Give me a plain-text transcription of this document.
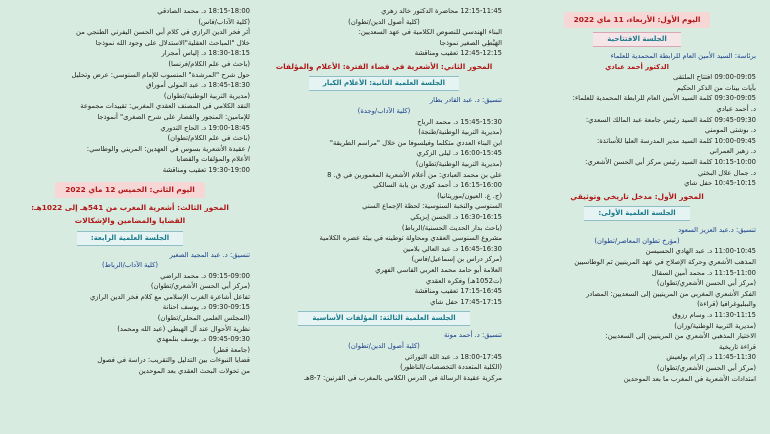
اليوم الأول: الأربعاء، 11 ماي 2022
الجلسة الافتتاحية
برئاسة: السيد الأمين العام للرابطة المحمدية للعلماء
الدكتور أحمد عبادي
09:00-09:05 افتتاح الملتقى
بآيات بينات من الذكر الحكيم
09:30-09:05 كلمة السيد الأمين العام للرابطة المحمدية للعلماء:
د. أحمد عبادي
09:45-09:30 كلمة السيد رئيس جامعة عبد المالك السعدي:
د. بوشتى المومني
10:00-09:45 كلمة السيد مدير المدرسة العليا للأساتذة:
د. زهير العمراني
10:15-10:00 كلمة السيد رئيس مركز أبي الحسن الأشعري:
د. جمال علال البختي
10:45-10:15 حفل شاي
المحور الأول: مدخل تاريخي وتوثيقي
الجلسة العلمية الأولى:
تنسيق: د.عبد العزيز السعود
(مؤرخ تطوان المعاصر/تطوان)
11:00-10:45 د. عبد الهادي الحسيسن
المذهب الأشعري وحركة الإصلاح في عهد المرينيين ثم الوطاسيين
11:15-11:00 د. محمد أمين السقال
(مركز أبي الحسن الأشعري/تطوان)
الفكر الأشعري المغربي من المرينيين إلى السعديين: المصادر
والببليوغرافيا (قراءة)
11:30-11:15 د. وسام رزوق
(مديرية التربية الوطنية/وزان)
الاختيار المذهبي الأشعري من المرينيين إلى السعديين:
قراءة تاريخية
11:45-11:30 د. إكرام بولعيش
(مركز أبي الحسن الأشعري/تطوان)
امتدادات الأشعرية في المغرب ما بعد الموحدين
12:15-11:45 محاضرة الدكتور خالد زهري
(كلية أصول الدين/تطوان)
البناء الهندسي للنصوص الكلامية في عهد السعديين:
الهَبْطِي الصغير نموذجا
12:45-12:15 تعقيب ومناقشة
المحور الثاني: الأشعرية في فضاء الفترة: الأعلام والمؤلفات
الجلسة العلمية الثانية: الأعلام الكبار
تنسيق: د. عبد القادر بطار
(كلية الآداب/وجدة)
15:45-15:30 د. محمد الرباح
(مديرية التربية الوطنية/طنجة)
ابن البناء العددي متكلما وفيلسوفا من خلال "مراسم الطريقة"
16:00-15:45 د. ليلى الزكري
(مديرية التربية الوطنية/تطوان)
علي بن محمد العبادي: من أعلام الأشعرية المغمورين في ق. 8
16:15-16:00 د. أحمد كوري بن يابة السالكي
(ج. ع. العيون/موريتانيا)
السنوسي والنخبة السنوسية: لحظة الإجماع السني
16:30-16:15 د. الحسن إبزيكي
(باحث بدار الحديث الحسنية/الرباط)
مشروع السنوسي العقدي ومحاولة توطينه في بيئة عصره الكلامية
16:45-16:30 د. عبد العالي بلامين
(مركز دراس بن إسماعيل/فاس)
العلامة أبو حامد محمد العربي الفاسي الفهري
(ت1052هـ) وفكره العقدي
17:15-16:45 تعقيب ومناقشة
17:45-17:15 حفل شاي
الجلسة العلمية الثالثة: المؤلفات الأساسية
تنسيق: د. أحمد مونة
(كلية أصول الدين/تطوان)
18:00-17:45 د. عبد الله التوراتي
(الكلية المتعددة التخصصات/الناظور)
مركزية عقيدة الرسالة في الدرس الكلامي بالمغرب في القرنين: 7-8هـ
18:15-18:00 د. محمد الصادقي
(كلية الآداب/فاس)
أثر فخر الدين الرازي في كلام أبي الحسن اليفرني الطنجي من
خلال "المباحث العقلية"الاستدلال على وجود الله نموذجا
18:30-18:15 د. إلياس أمجرار
(باحث في علم الكلام/فرنسا)
حول شرح "المرشدة" المنسوب للإمام السنوسي: عرض وتحليل
18:45-18:30 د. عبد المولى أموراق
(مديرية التربية الوطنية/تطوان)
النقد الكلامي في المصنف العقدي المغربي: تقييدات مجموعة
للإمامين: المنجور والقصار على شرح الصغرى" أنموذجا
19:00-18:45 د. الحاج التدوري
(باحث في علم الكلام/تطوان)
/ عقيدة الأشعرية بسوس في العهدين: المريني والوطاسي:
الأعلام والمؤلفات والقضايا
19:30-19:00 تعقيب ومناقشة
اليوم الثاني: الخميس 12 ماي 2022
المحور الثالث: أشعرية المغرب من 541هـ إلى 1022هـ:
القضايا والمضامين والإشكالات
الجلسة العلمية الرابعة:
تنسيق: د. عبد المجيد الصغير
(كلية الآداب/الرباط)
09:15-09:00 د. محمد الراضي
(مركز أبي الحسن الأشعري/تطوان)
تفاعل أشاعرة الغرب الإسلامي مع كلام فخر الدين الرازي
09:30-09:15 د. يوسف احنانة
(المجلس العلمي المحلي/تطوان)
نظرية الأحوال عند آل الهبطي (عبد الله ومحمد)
09:45-09:30 د. يوسف بنلمهدي
(جامعة قطر)
قضايا النبوءات بين التدليل والتقريب: دراسة في فصول
من تحولات البحث العقدي بعد الموحدين
